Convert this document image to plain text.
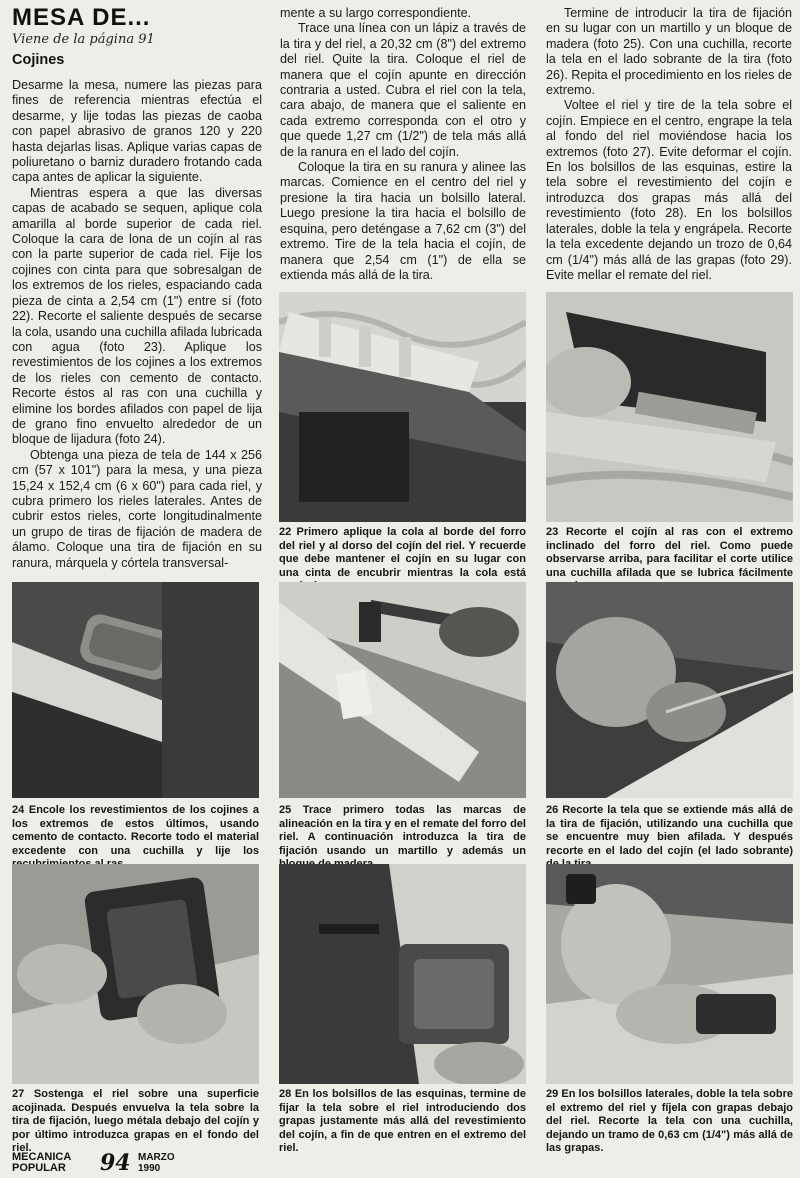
MESA DE...
Viene de la página 91
Cojines

Desarme la mesa, numere las piezas para fines de referencia mientras efectúa el desarme, y lije todas las piezas de caoba con papel abrasivo de granos 120 y 220 hasta dejarlas lisas. Aplique varias capas de poliuretano o barniz duradero frotando cada capa antes de aplicar la siguiente.

Mientras espera a que las diversas capas de acabado se sequen, aplique cola amarilla al borde superior de cada riel. Coloque la cara de lona de un cojín al ras con la parte superior de cada riel. Fije los cojines con cinta para que sobresalgan de los extremos de los rieles, espaciando cada pieza de cinta a 2,54 cm (1") entre sí (foto 22). Recorte el saliente después de secarse la cola, usando una cuchilla afilada lubricada con agua (foto 23). Aplique los revestimientos de los cojines a los extremos de los rieles con cemento de contacto. Recorte éstos al ras con una cuchilla y elimine los bordes afilados con papel de lija de grano fino envuelto alrededor de un bloque de lijadura (foto 24).

Obtenga una pieza de tela de 144 x 256 cm (57 x 101") para la mesa, y una pieza 15,24 x 152,4 cm (6 x 60") para cada riel, y cubra primero los rieles laterales. Antes de cubrir estos rieles, corte longitudinalmente un grupo de tiras de fijación de madera de álamo. Coloque una tira de fijación en su ranura, márquela y córtela transversal-

mente a su largo correspondiente.

Trace una línea con un lápiz a través de la tira y del riel, a 20,32 cm (8") del extremo del riel. Quite la tira. Coloque el riel de manera que el cojín apunte en dirección contraria a usted. Cubra el riel con la tela, cara abajo, de manera que el saliente en cada extremo corresponda con el otro y que quede 1,27 cm (1/2") de tela más allá de la ranura en el lado del cojín.

Coloque la tira en su ranura y alinee las marcas. Comience en el centro del riel y presione la tira hacia un bolsillo lateral. Luego presione la tira hacia el bolsillo de esquina, pero deténgase a 7,62 cm (3") del extremo. Tire de la tela hacia el cojín, de manera que 2,54 cm (1") de ella se extienda más allá de la tira.

Termine de introducir la tira de fijación en su lugar con un martillo y un bloque de madera (foto 25). Con una cuchilla, recorte la tela en el lado sobrante de la tira (foto 26). Repita el procedimiento en los rieles de extremo.

Voltee el riel y tire de la tela sobre el cojín. Empiece en el centro, engrape la tela al fondo del riel moviéndose hacia los extremos (foto 27). Evite deformar el cojín. En los bolsillos de las esquinas, estire la tela sobre el revestimiento del cojín e introduzca dos grapas más allá del revestimiento (foto 28). En los bolsillos laterales, doble la tela y engrápela. Recorte la tela excedente dejando un trozo de 0,64 cm (1/4") más allá de las grapas (foto 29). Evite mellar el remate del riel.

22 Primero aplique la cola al borde del forro del riel y al dorso del cojín del riel. Y recuerde que debe mantener el cojín en su lugar con una cinta de encubrir mientras la cola está
23 Recorte el cojín al ras con el extremo inclinado del forro del riel. Como puede observarse arriba, para facilitar el corte utilice una cuchilla afilada que se lubrica fácilmente
24 Encole los revestimientos de los cojines a los extremos de estos últimos, usando cemento de contacto. Recorte todo el material excedente con una cuchilla y lije los
25 Trace primero todas las marcas de alineación en la tira y en el remate del forro del riel. A continuación introduzca la tira de fijación usando un martillo y además un
26 Recorte la tela que se extiende más allá de la tira de fijación, utilizando una cuchilla que se encuentre muy bien afilada. Y después recorte en el lado del cojín (el lado sobrante)
27 Sostenga el riel sobre una superficie acojinada. Después envuelva la tela sobre la tira de fijación, luego métala debajo del cojín y por último introduzca grapas en el fondo del riel.
28 En los bolsillos de las esquinas, termine de fijar la tela sobre el riel introduciendo dos grapas justamente más allá del revestimiento del cojín, a fin de que entren en el extremo del riel.
29 En los bolsillos laterales, doble la tela sobre el extremo del riel y fíjela con grapas debajo del riel. Recorte la tela con una cuchilla, dejando un tramo de 0,63 cm (1/4") más allá de las grapas.
MECANICA
POPULAR 94 MARZO
1990
